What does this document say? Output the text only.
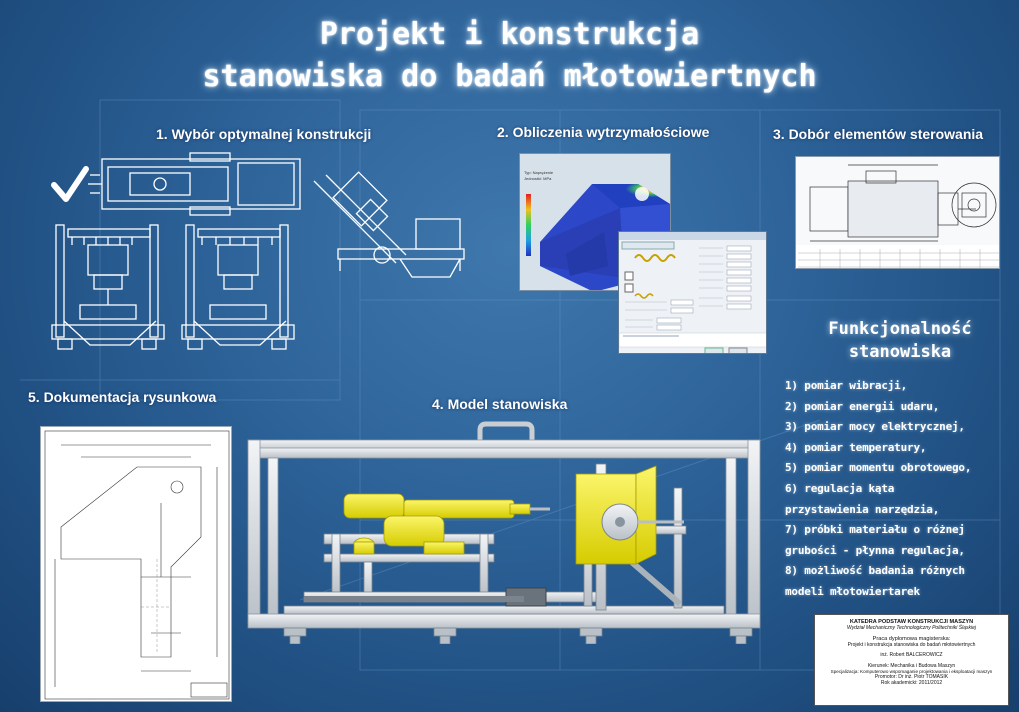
Projekt i konstrukcja
stanowiska do badań młotowiertnych
1. Wybór optymalnej konstrukcji	2. Obliczenia wytrzymałościowe	3. Dobór elementów sterowania
4. Model stanowiska
5. Dokumentacja rysunkowa
Typ: Naprężenie
Jednostki: MPa
Funkcjonalność
stanowiska
1) pomiar wibracji,
2) pomiar energii udaru,
3) pomiar mocy elektrycznej,
4) pomiar temperatury,
5) pomiar momentu obrotowego,
6) regulacja kąta
przystawienia narzędzia,
7) próbki materiału o różnej
grubości - płynna regulacja,
8) możliwość badania różnych
modeli młotowiertarek
KATEDRA PODSTAW KONSTRUKCJI MASZYN
Wydział Mechaniczny Technologiczny Politechniki Śląskiej
Praca dyplomowa magisterska:
Projekt i konstrukcja stanowiska do badań młotowiertnych
inż. Robert BALCEROWICZ
Kierunek: Mechanika i Budowa Maszyn
Specjalizacja: Komputerowo wspomaganie projektowania i eksploatacji maszyn
Promotor: Dr inż. Piotr TOMASIK
Rok akademicki: 2011/2012
